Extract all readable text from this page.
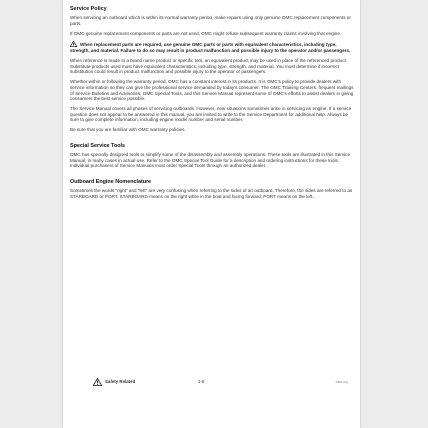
Service Policy
When servicing an outboard which is within its normal warranty period, make repairs using only genuine OMC replacement components or parts.
If OMC genuine replacement components or parts are not used, OMC might refuse subsequent warranty claims involving that engine.
When replacement parts are required, use genuine OMC parts or parts with equivalent characteristics, including type, strength, and material. Failure to do so may result in product malfunction and possible injury to the operator and/or passengers.
When reference is made to a brand name product or specific tool, an equivalent product may be used in place of the referenced product. Substitute products used must have equivalent characteristics, including type, strength, and material. You must determine if incorrect substitution could result in product malfunction and possible injury to the operator or passengers.
Whether within or following the warranty period, OMC has a constant interest in its products. It is OMC's policy to provide dealers with service information so they can give the professional service demanded by today's consumer. The OMC Training Centers, frequent mailings of Service Bulletins and Advisories, OMC Special Tools, and this Service Manual represent some of OMC's efforts to assist dealers in giving consumers the best service possible.
The Service Manual covers all phases of servicing outboards. However, new situations sometimes arise in servicing an engine. If a service question does not appear to be answered in this manual, you are invited to write to the Service Department for additional help. Always be sure to give complete information, including engine model number and serial number.
Be sure that you are familiar with OMC warranty policies.
Special Service Tools
OMC has specially designed tools to simplify some of the disassembly and assembly operations. These tools are illustrated in this Service Manual, in many cases in actual use. Refer to the OMC Special Tool Guide for a description and ordering instructions for these tools. Individual purchasers of Service Manuals must order Special Tools through an authorized dealer.
Outboard Engine Nomenclature
Sometimes the words "right" and "left" are very confusing when referring to the sides of an outboard. Therefore, the sides are referred to as STARBOARD or PORT. STARBOARD means on the right while in the boat and facing forward; PORT means on the left.
Safety Related	1-6	RBH-ring
